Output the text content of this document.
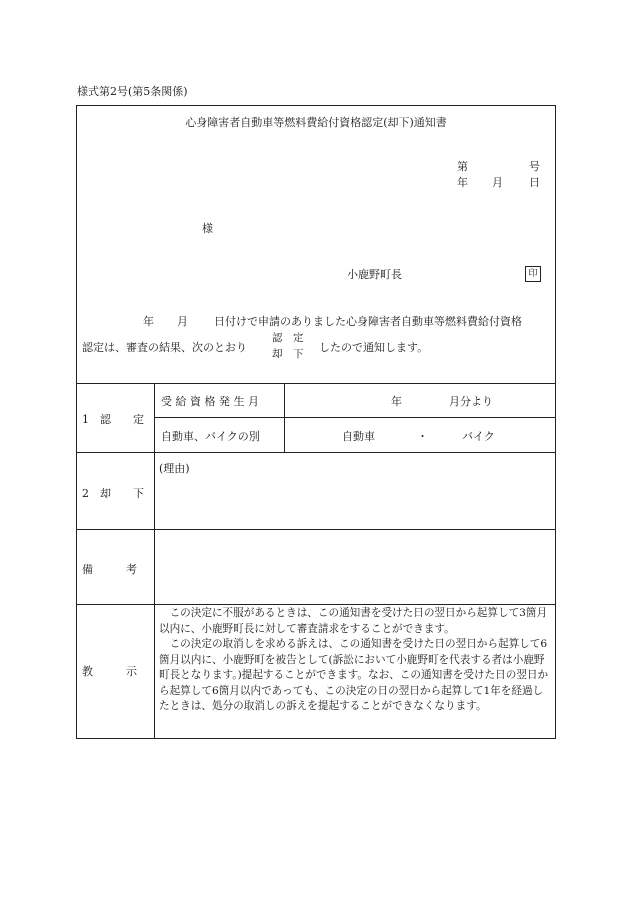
様式第2号(第5条関係)
心身障害者自動車等燃料費給付資格認定(却下)通知書
第	号
年 月 日
様
小鹿野町長	印
年 月 日付けで申請のありました心身障害者自動車等燃料費給付資格
認定は、審査の結果、次のとおり
認　定
却　下 したので通知します。
1　認　　定
受 給 資 格 発 生 月	年	月分より
自動車、バイクの別	自動車	・	バイク
2　却　　下
(理由)
備　　　考
教　　　示

この決定に不服があるときは、この通知書を受けた日の翌日から起算して3箇月以内に、小鹿野町長に対して審査請求をすることができます。

この決定の取消しを求める訴えは、この通知書を受けた日の翌日から起算して6箇月以内に、小鹿野町を被告として(訴訟において小鹿野町を代表する者は小鹿野町長となります。)提起することができます。なお、この通知書を受けた日の翌日から起算して6箇月以内であっても、この決定の日の翌日から起算して1年を経過したときは、処分の取消しの訴えを提起することができなくなります。
